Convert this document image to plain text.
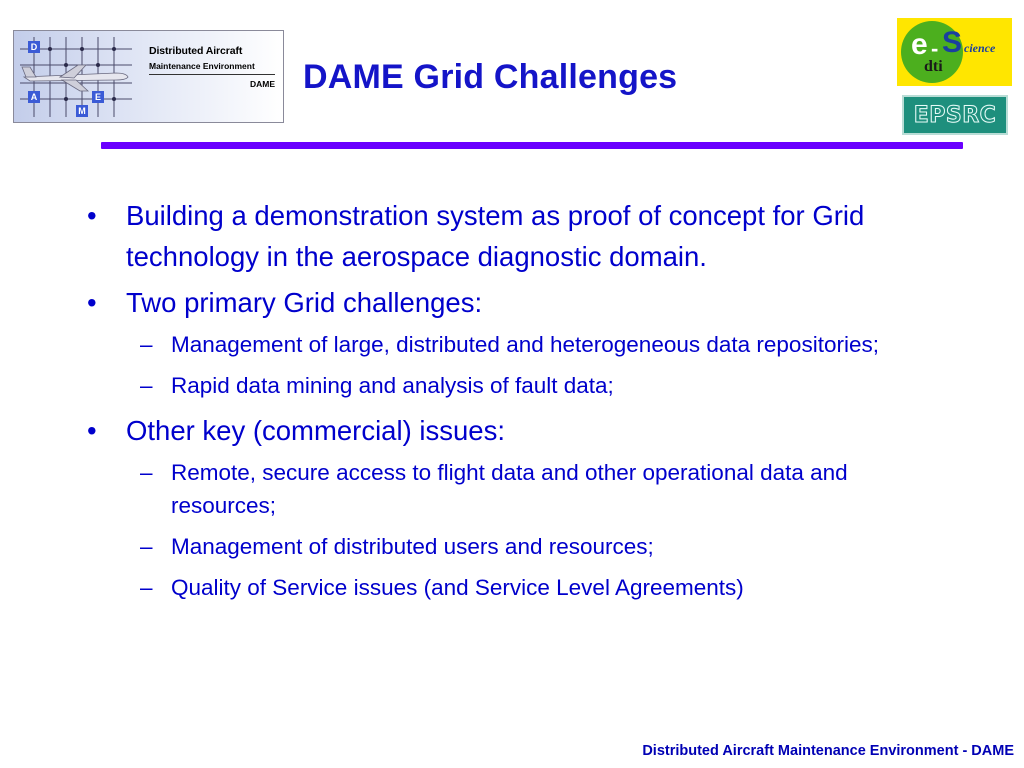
D
A	E
M
Distributed Aircraft
Maintenance Environment
DAME DAME Grid Challenges
e - S cience
dti
EPSRC
• Building a demonstration system as proof of concept for Grid technology in the aerospace diagnostic domain.
• Two primary Grid challenges:
– Management of large, distributed and heterogeneous data repositories;
– Rapid data mining and analysis of fault data;
• Other key (commercial) issues:
– Remote, secure access to flight data and other operational data and resources;
– Management of distributed users and resources;
– Quality of Service issues (and Service Level Agreements)
Distributed Aircraft Maintenance Environment - DAME
